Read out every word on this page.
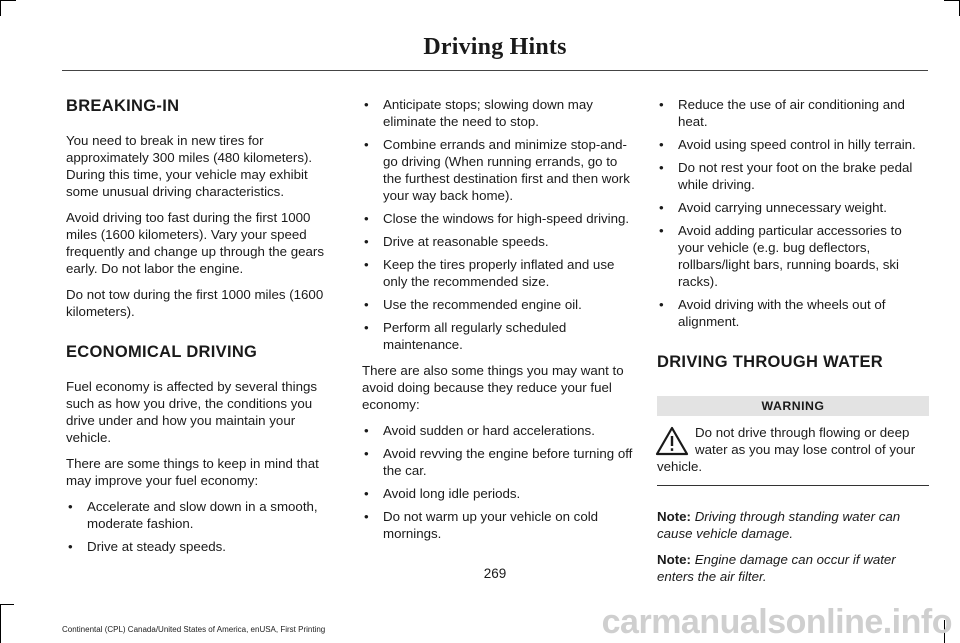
Driving Hints
BREAKING-IN

You need to break in new tires for approximately 300 miles (480 kilometers). During this time, your vehicle may exhibit some unusual driving characteristics.

Avoid driving too fast during the first 1000 miles (1600 kilometers). Vary your speed frequently and change up through the gears early. Do not labor the engine.

Do not tow during the first 1000 miles (1600 kilometers).

ECONOMICAL DRIVING

Fuel economy is affected by several things such as how you drive, the conditions you drive under and how you maintain your vehicle.

There are some things to keep in mind that may improve your fuel economy:

• Accelerate and slow down in a smooth, moderate fashion.
• Drive at steady speeds.
• Anticipate stops; slowing down may eliminate the need to stop.
• Combine errands and minimize stop-and-go driving (When running errands, go to the furthest destination first and then work your way back home).
• Close the windows for high-speed driving.
• Drive at reasonable speeds.
• Keep the tires properly inflated and use only the recommended size.
• Use the recommended engine oil.
• Perform all regularly scheduled maintenance.

There are also some things you may want to avoid doing because they reduce your fuel economy:

• Avoid sudden or hard accelerations.
• Avoid revving the engine before turning off the car.
• Avoid long idle periods.
• Do not warm up your vehicle on cold mornings.
• Reduce the use of air conditioning and heat.
• Avoid using speed control in hilly terrain.
• Do not rest your foot on the brake pedal while driving.
• Avoid carrying unnecessary weight.
• Avoid adding particular accessories to your vehicle (e.g. bug deflectors, rollbars/light bars, running boards, ski racks).
• Avoid driving with the wheels out of alignment.
DRIVING THROUGH WATER
WARNING
Do not drive through flowing or deep water as you may lose control of your vehicle.
Note: Driving through standing water can cause vehicle damage.
Note: Engine damage can occur if water enters the air filter.
269
Continental (CPL) Canada/United States of America, enUSA, First Printing	carmanualsonline.info
